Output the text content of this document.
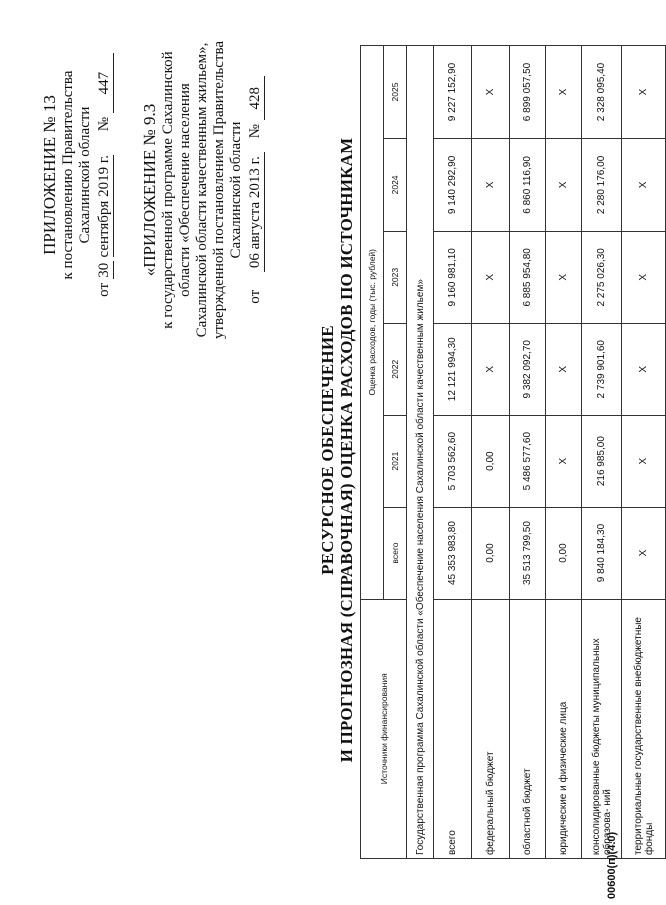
ПРИЛОЖЕНИЕ № 13 к постановлению Правительства Сахалинской области
от 30 сентября 2019 г. № 447
«ПРИЛОЖЕНИЕ № 9.3 к государственной программе Сахалинской области «Обеспечение населения Сахалинской области качественным жильем», утвержденной постановлением Правительства Сахалинской области
от 06 августа 2013 г. № 428
РЕСУРСНОЕ ОБЕСПЕЧЕНИЕ И ПРОГНОЗНАЯ (СПРАВОЧНАЯ) ОЦЕНКА РАСХОДОВ ПО ИСТОЧНИКАМ	Источники финансирования	Оценка расходов, годы (тыс. рублей)					
	всего	2021	2022	2023	2024	2025
Государственная программа Сахалинской области «Обеспечение населения Сахалинской области качественным жильем»						
всего	45 353 983,80	5 703 562,60	12 121 994,30	9 160 981,10	9 140 292,90	9 227 152,90
федеральный бюджет	0,00	0,00	Х	Х	Х	Х
областной бюджет	35 513 799,50	5 486 577,60	9 382 092,70	6 885 954,80	6 860 116,90	6 899 057,50
юридические и физические лица	0,00	Х	Х	Х	Х	Х
консолидированные бюджеты муниципальных образова- ний	9 840 184,30	216 985,00	2 739 901,60	2 275 026,30	2 280 176,00	2 328 095,40
территориальные государственные внебюджетные фонды	Х	Х	Х	Х	Х	Х
00600(п)(4.0)
